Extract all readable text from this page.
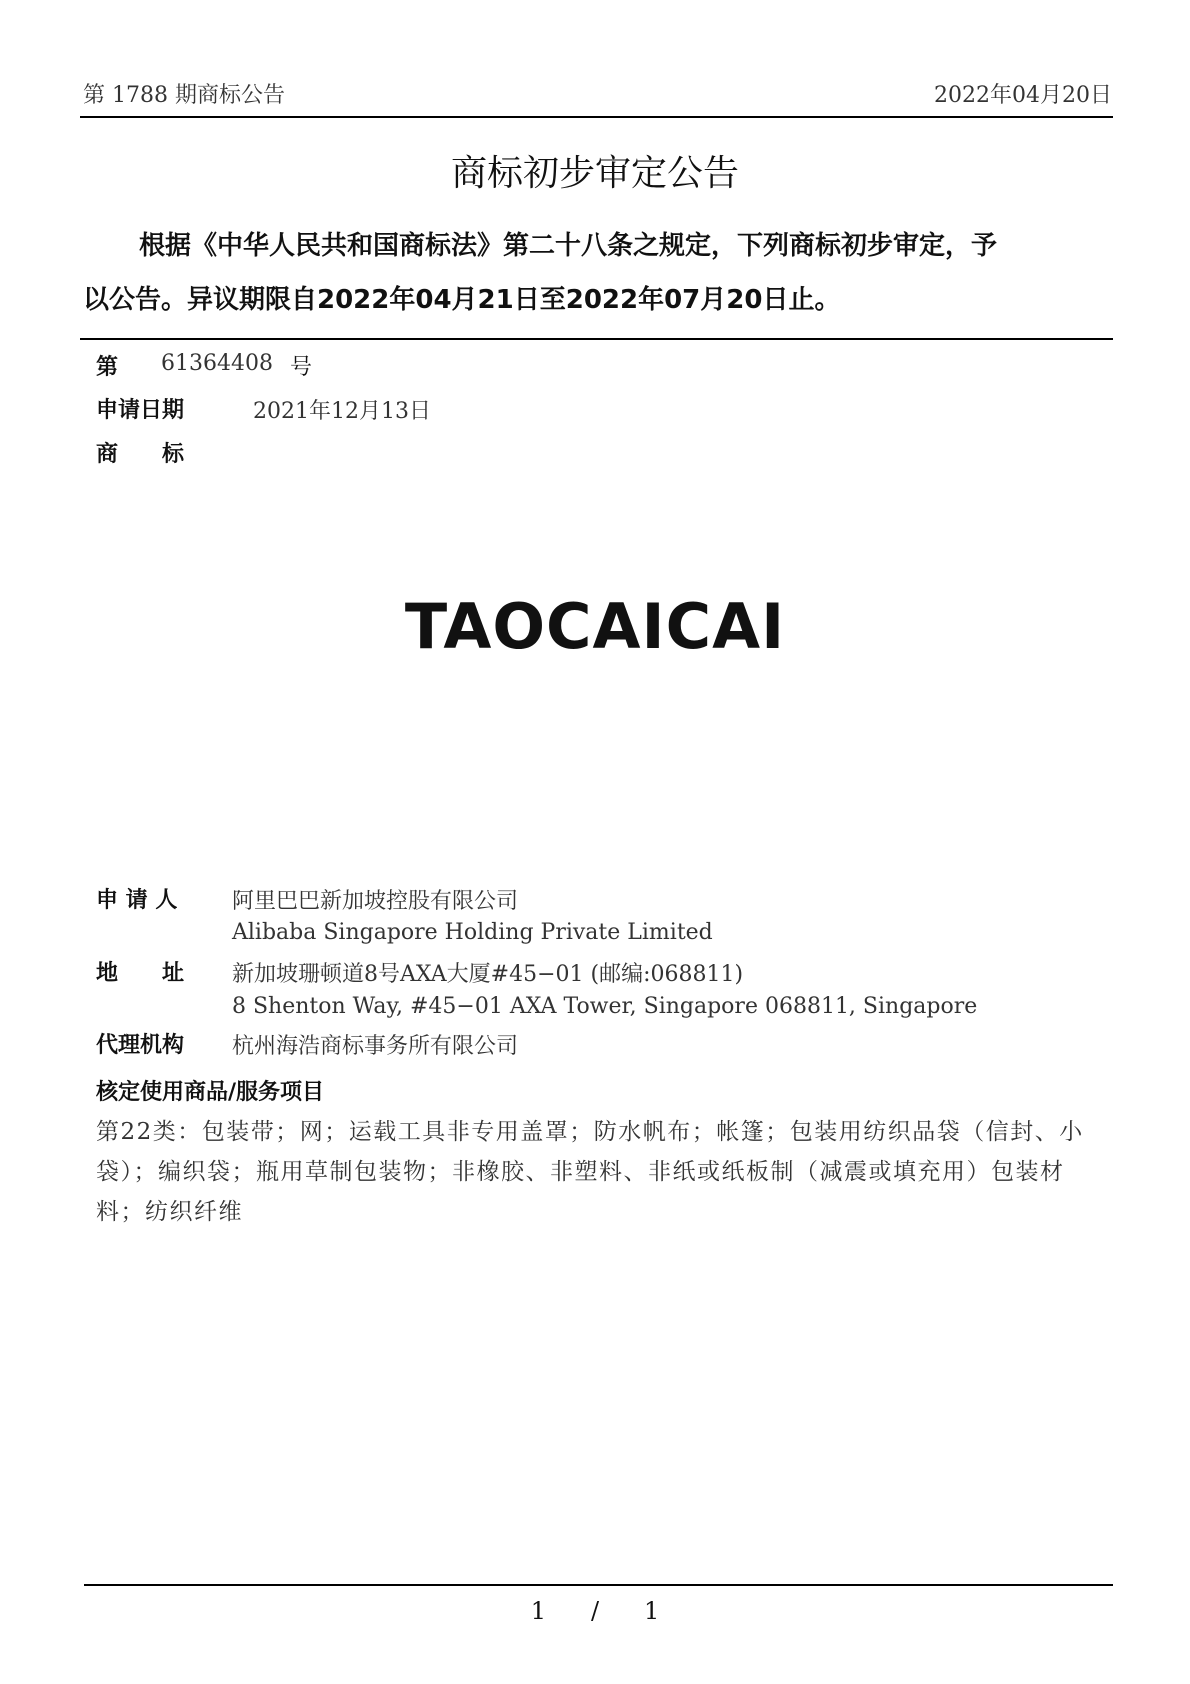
第 1788 期商标公告	2022年04月20日
商标初步审定公告
根据《中华人民共和国商标法》第二十八条之规定，下列商标初步审定，予
以公告。异议期限自2022年04月21日至2022年07月20日止。
第 61364408 号
申请日期	2021年12月13日
商　　标
TAOCAICAI
申 请 人 阿里巴巴新加坡控股有限公司
Alibaba Singapore Holding Private Limited
地　　址 新加坡珊顿道8号AXA大厦#45−01 (邮编:068811)
8 Shenton Way, #45−01 AXA Tower, Singapore 068811, Singapore
代理机构 杭州海浩商标事务所有限公司
核定使用商品/服务项目
第22类：包装带；网；运载工具非专用盖罩；防水帆布；帐篷；包装用纺织品袋（信封、小
袋）；编织袋；瓶用草制包装物；非橡胶、非塑料、非纸或纸板制（减震或填充用）包装材
料；纺织纤维
1 / 1
